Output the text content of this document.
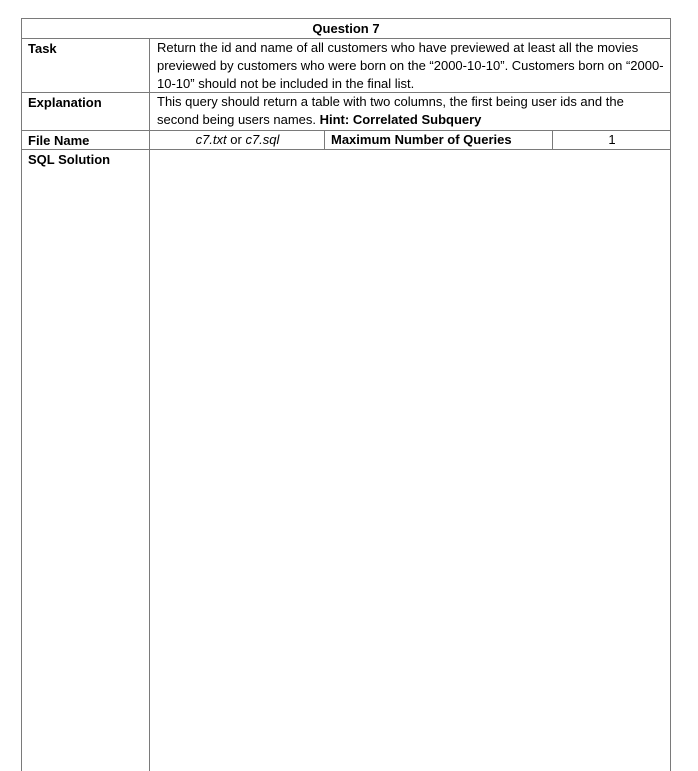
Question 7
Task	Return the id and name of all customers who have previewed at least all the movies previewed by customers who were born on the “2000-10-10”. Customers born on “2000-10-10” should not be included in the final list.
Explanation	This query should return a table with two columns, the first being user ids and the second being users names. Hint: Correlated Subquery
File Name	c7.txt or c7.sql	Maximum Number of Queries	1
SQL Solution
